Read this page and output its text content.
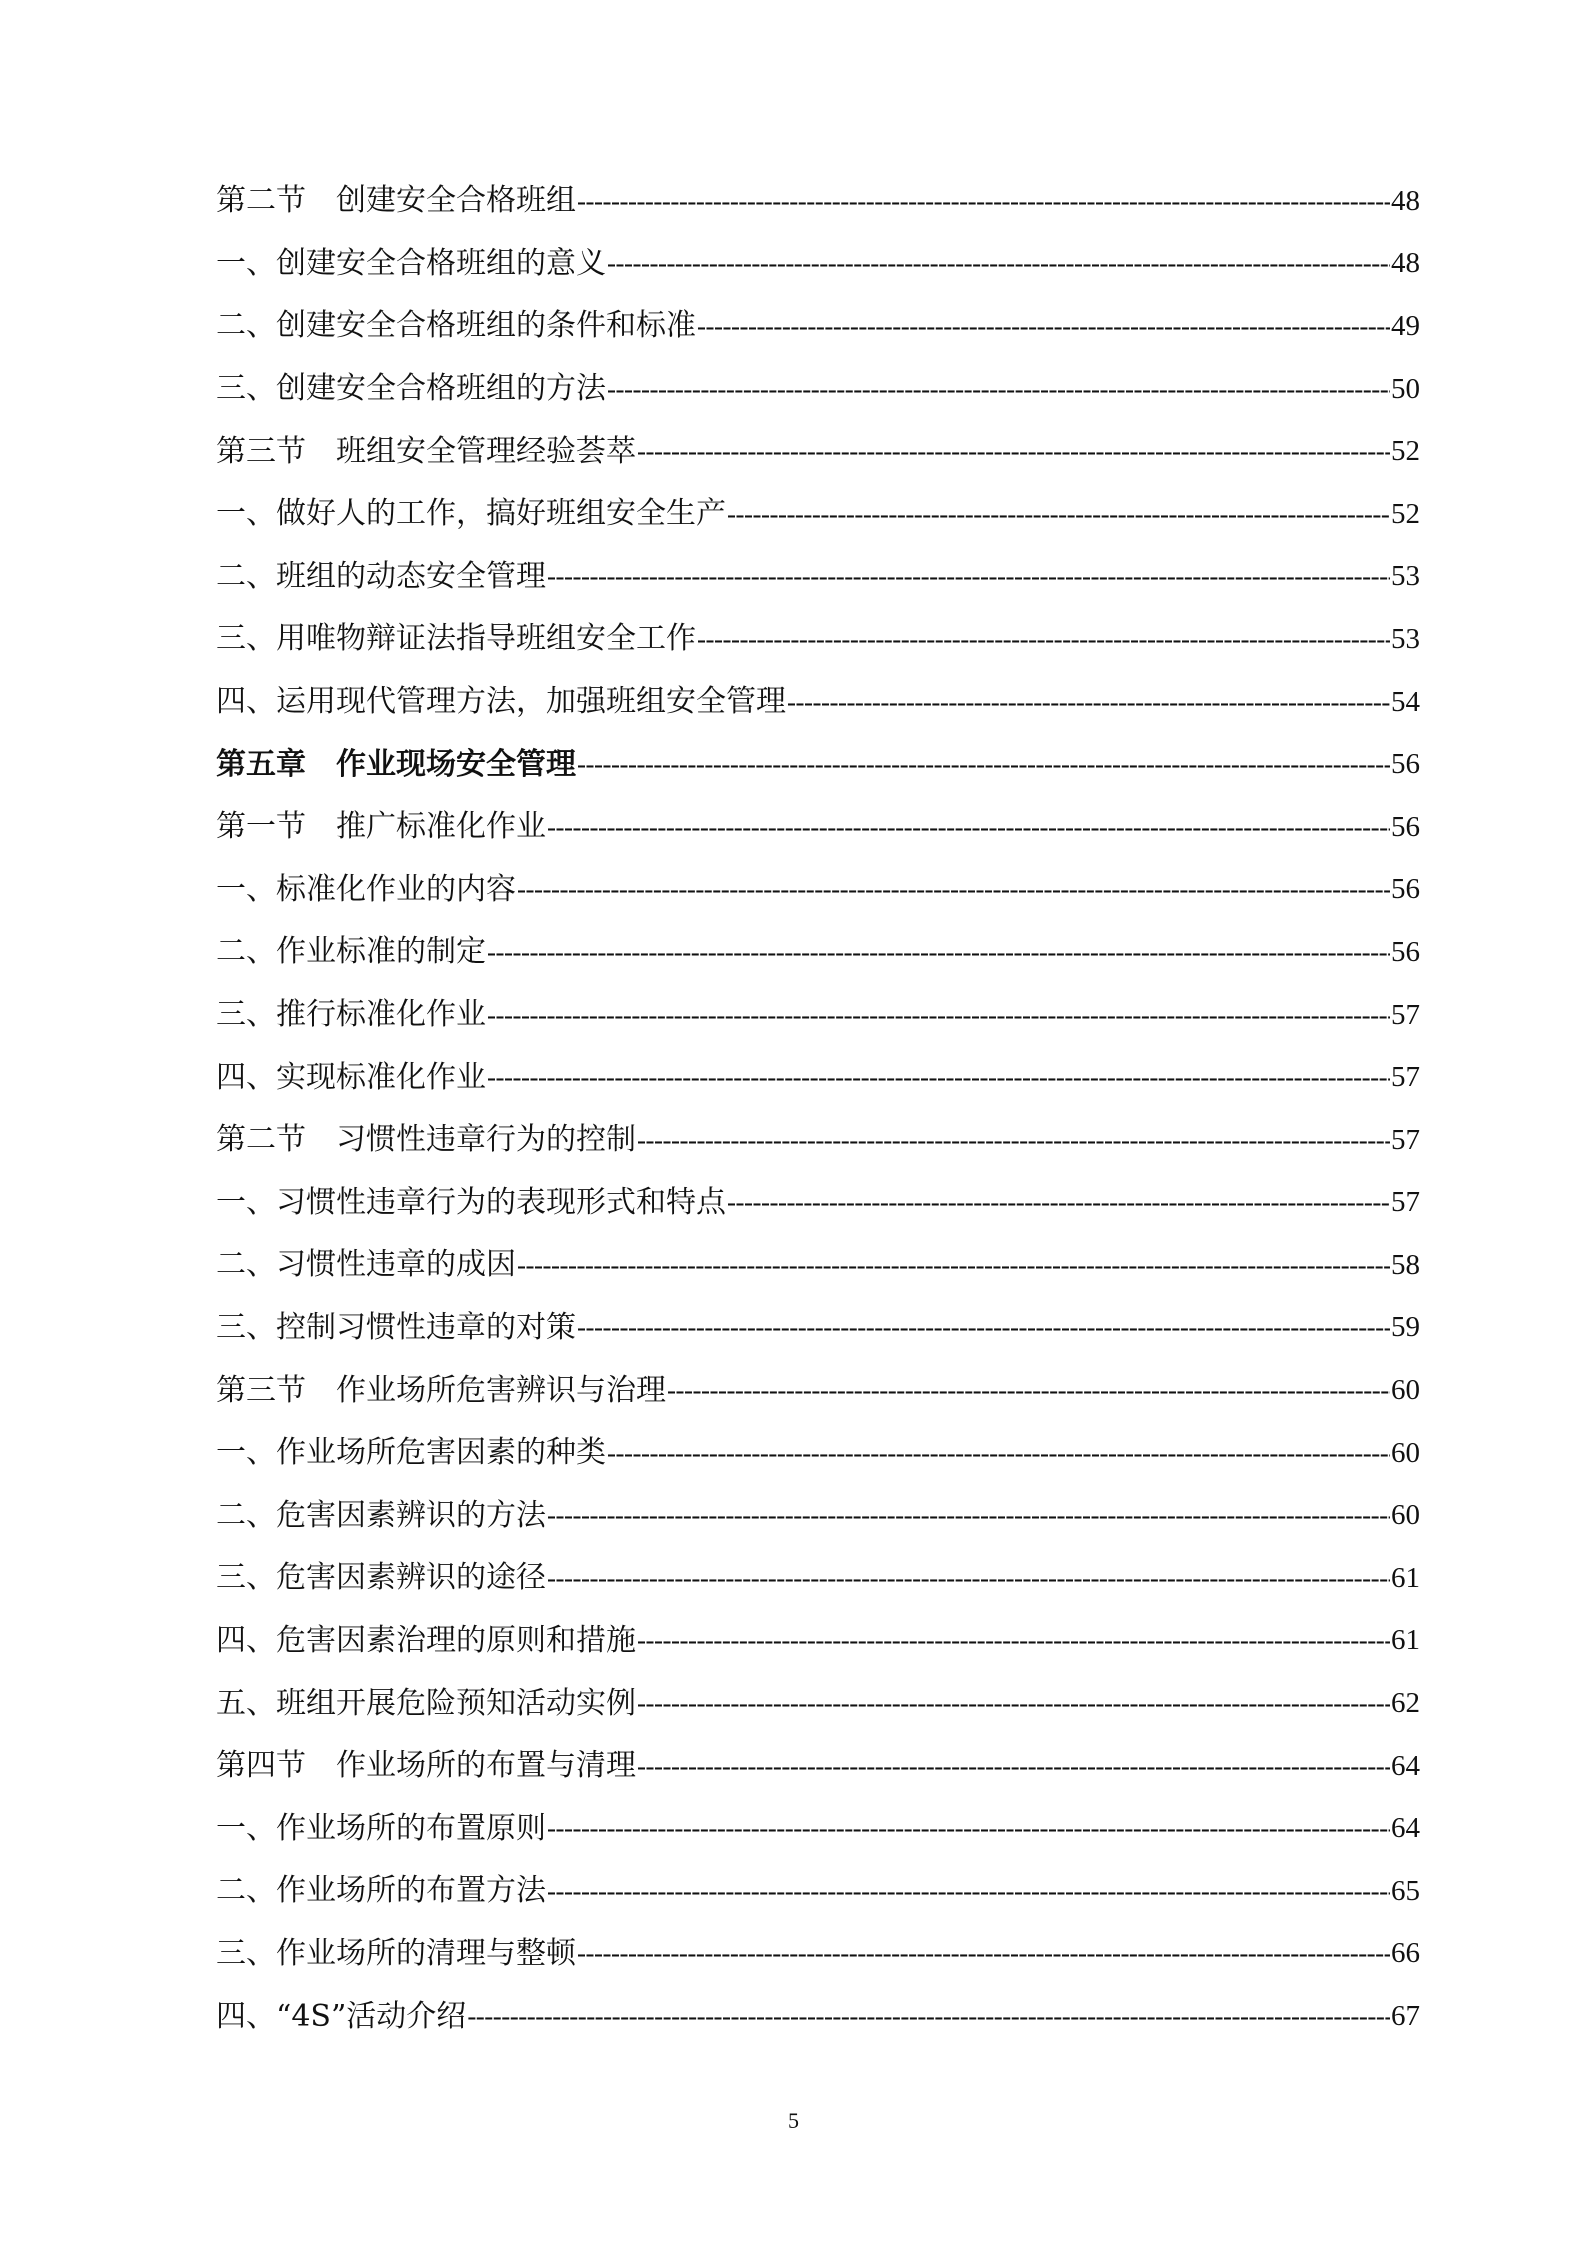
第二节　创建安全合格班组 -----	48
一、创建安全合格班组的意义 -----	48
二、创建安全合格班组的条件和标准 -----	49
三、创建安全合格班组的方法 -----	50
第三节　班组安全管理经验荟萃 -----	52
一、做好人的工作，搞好班组安全生产 -----	52
二、班组的动态安全管理 -----	53
三、用唯物辩证法指导班组安全工作 -----	53
四、运用现代管理方法，加强班组安全管理 -----	54
第五章　作业现场安全管理 -----	56
第一节　推广标准化作业 -----	56
一、标准化作业的内容 -----	56
二、作业标准的制定 -----	56
三、推行标准化作业 -----	57
四、实现标准化作业 -----	57
第二节　习惯性违章行为的控制 -----	57
一、习惯性违章行为的表现形式和特点 -----	57
二、习惯性违章的成因 -----	58
三、控制习惯性违章的对策 -----	59
第三节　作业场所危害辨识与治理 -----	60
一、作业场所危害因素的种类 -----	60
二、危害因素辨识的方法 -----	60
三、危害因素辨识的途径 -----	61
四、危害因素治理的原则和措施 -----	61
五、班组开展危险预知活动实例 -----	62
第四节　作业场所的布置与清理 -----	64
一、作业场所的布置原则 -----	64
二、作业场所的布置方法 -----	65
三、作业场所的清理与整顿 -----	66
四、“4S”活动介绍 -----	67
5
